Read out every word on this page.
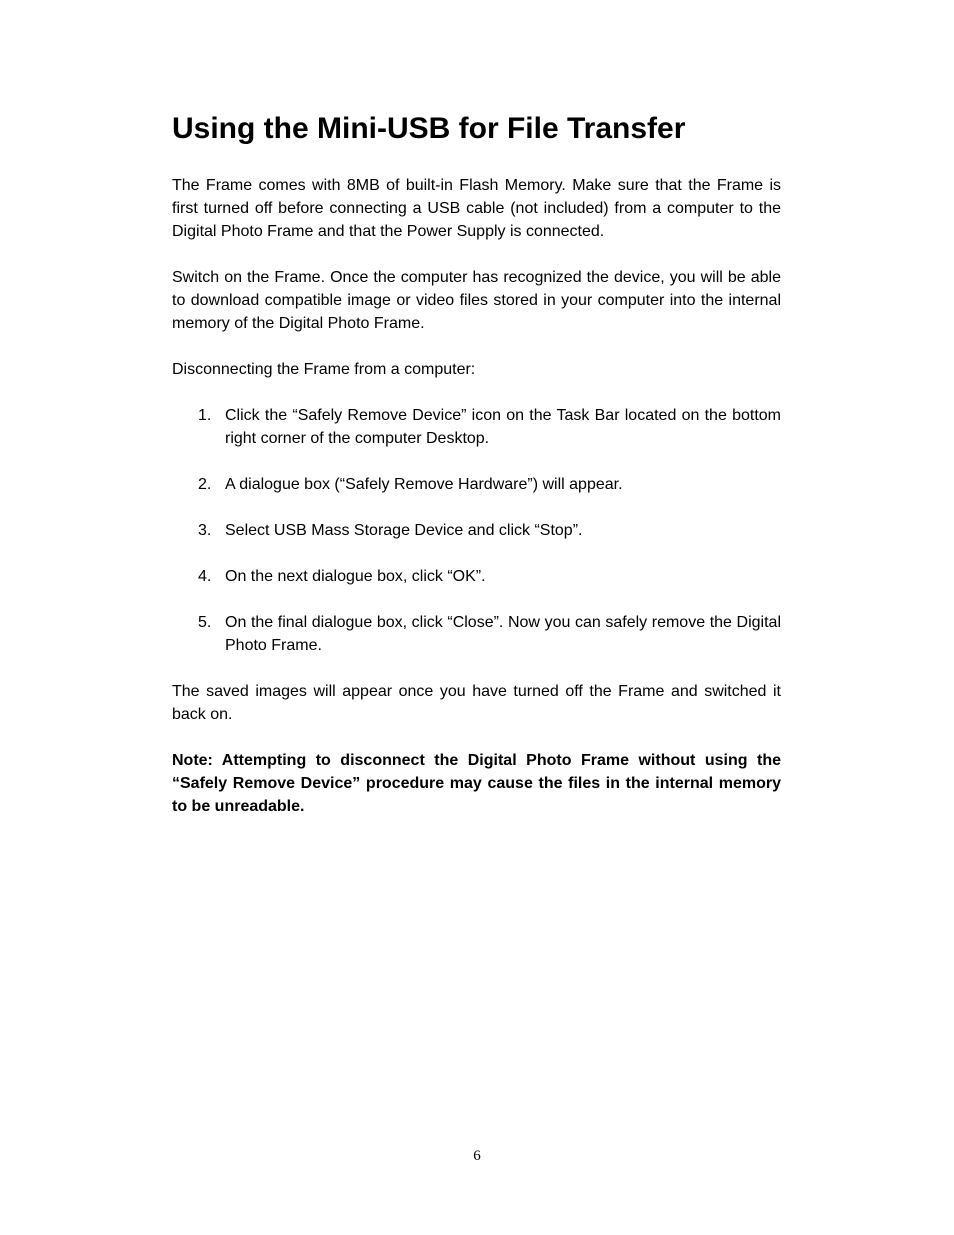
Using the Mini-USB for File Transfer

The Frame comes with 8MB of built-in Flash Memory. Make sure that the Frame is first turned off before connecting a USB cable (not included) from a computer to the Digital Photo Frame and that the Power Supply is connected.

Switch on the Frame. Once the computer has recognized the device, you will be able to download compatible image or video files stored in your computer into the internal memory of the Digital Photo Frame.

Disconnecting the Frame from a computer:

1. Click the “Safely Remove Device” icon on the Task Bar located on the bottom right corner of the computer Desktop.
2. A dialogue box (“Safely Remove Hardware”) will appear.
3. Select USB Mass Storage Device and click “Stop”.
4. On the next dialogue box, click “OK”.
5. On the final dialogue box, click “Close”. Now you can safely remove the Digital Photo Frame.

The saved images will appear once you have turned off the Frame and switched it back on.

Note: Attempting to disconnect the Digital Photo Frame without using the “Safely Remove Device” procedure may cause the files in the internal memory to be unreadable.

6
